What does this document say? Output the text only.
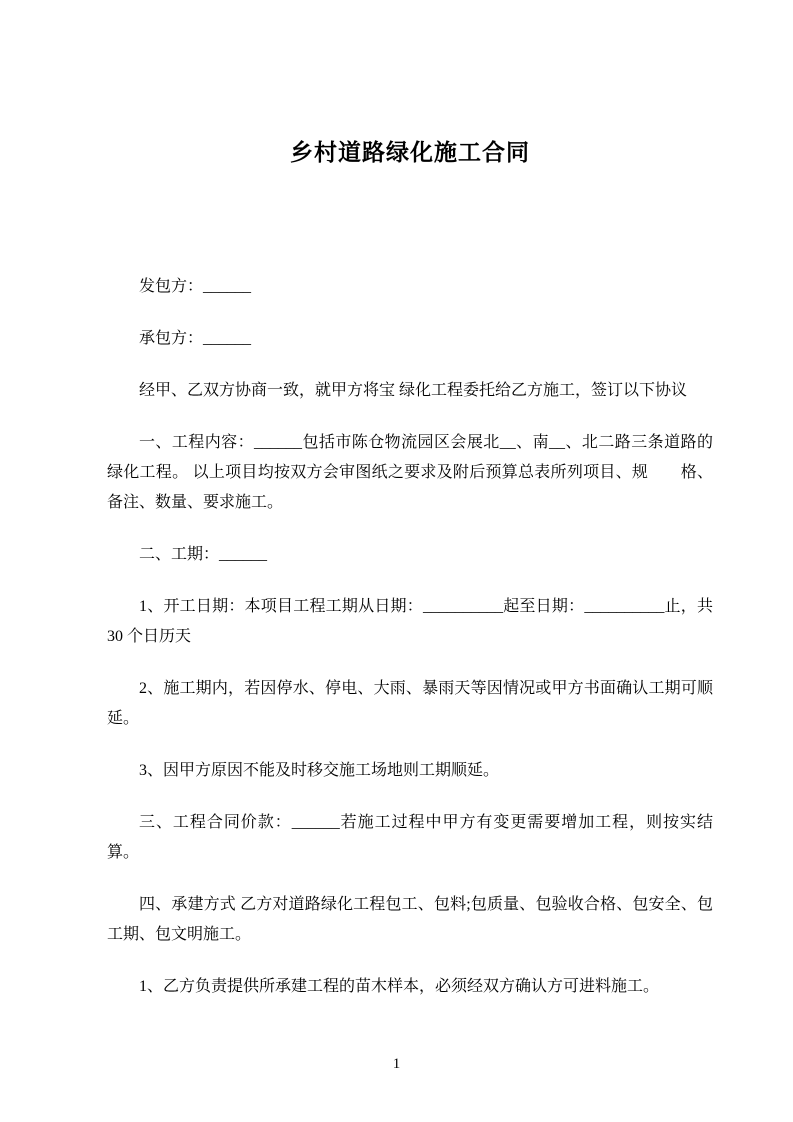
乡村道路绿化施工合同

发包方：______

承包方：______

经甲、乙双方协商一致，就甲方将宝 绿化工程委托给乙方施工，签订以下协议

一、工程内容：______包括市陈仓物流园区会展北__、南__、北二路三条道路的绿化工程。 以上项目均按双方会审图纸之要求及附后预算总表所列项目、规　　格、备注、数量、要求施工。

二、工期：______

1、开工日期：本项目工程工期从日期：__________起至日期：__________止，共 30 个日历天

2、施工期内，若因停水、停电、大雨、暴雨天等因情况或甲方书面确认工期可顺延。

3、因甲方原因不能及时移交施工场地则工期顺延。

三、工程合同价款：______若施工过程中甲方有变更需要增加工程，则按实结算。

四、承建方式 乙方对道路绿化工程包工、包料;包质量、包验收合格、包安全、包工期、包文明施工。

1、乙方负责提供所承建工程的苗木样本，必须经双方确认方可进料施工。

1
